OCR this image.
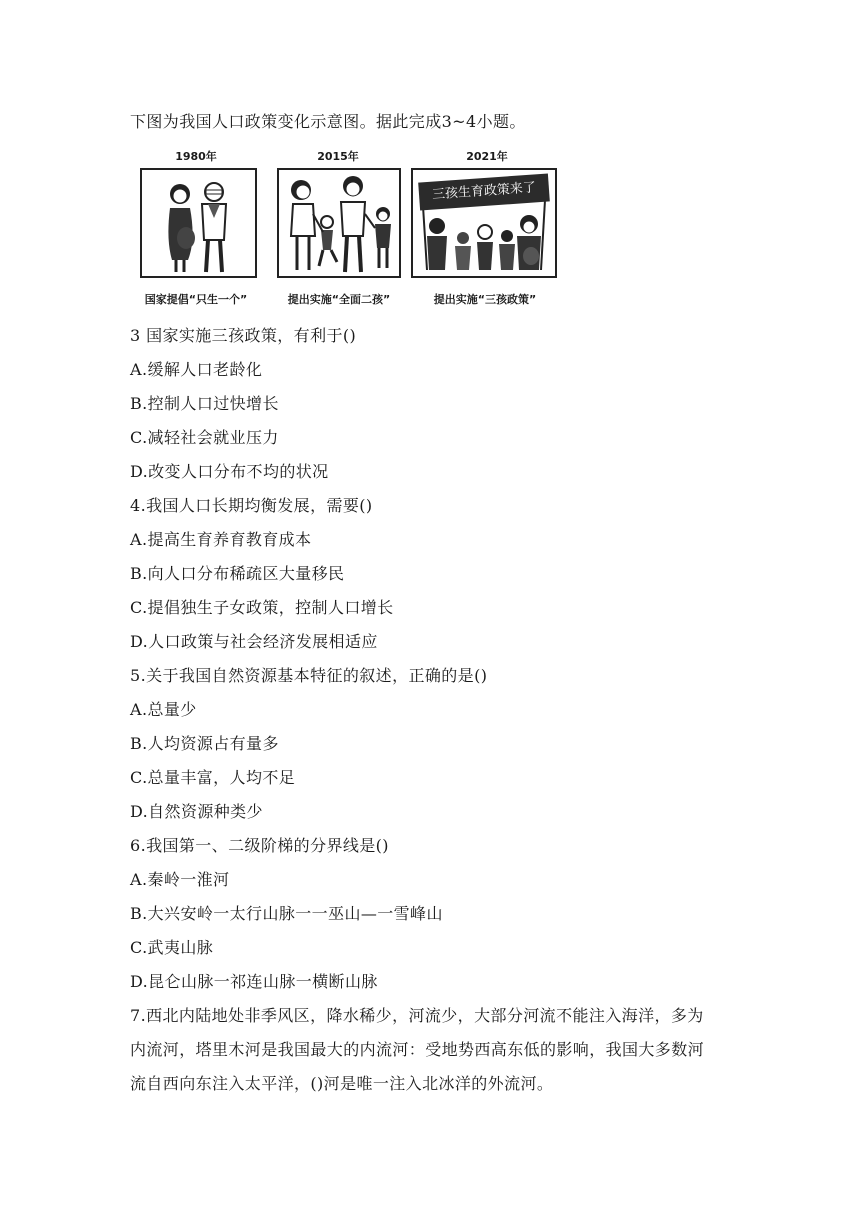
下图为我国人口政策变化示意图。据此完成3~4小题。
1980年
国家提倡“只生一个”
2015年
提出实施“全面二孩”
2021年
三孩生育政策来了
提出实施“三孩政策”
3 国家实施三孩政策，有利于()
A.缓解人口老龄化
B.控制人口过快增长
C.减轻社会就业压力
D.改变人口分布不均的状况
4.我国人口长期均衡发展，需要()
A.提高生育养育教育成本
B.向人口分布稀疏区大量移民
C.提倡独生子女政策，控制人口增长
D.人口政策与社会经济发展相适应
5.关于我国自然资源基本特征的叙述，正确的是()
A.总量少
B.人均资源占有量多
C.总量丰富，人均不足
D.自然资源种类少
6.我国第一、二级阶梯的分界线是()
A.秦岭一淮河
B.大兴安岭一太行山脉一一巫山—一雪峰山
C.武夷山脉
D.昆仑山脉一祁连山脉一横断山脉
7.西北内陆地处非季风区，降水稀少，河流少，大部分河流不能注入海洋，多为
内流河，塔里木河是我国最大的内流河：受地势西高东低的影响，我国大多数河
流自西向东注入太平洋，()河是唯一注入北冰洋的外流河。
